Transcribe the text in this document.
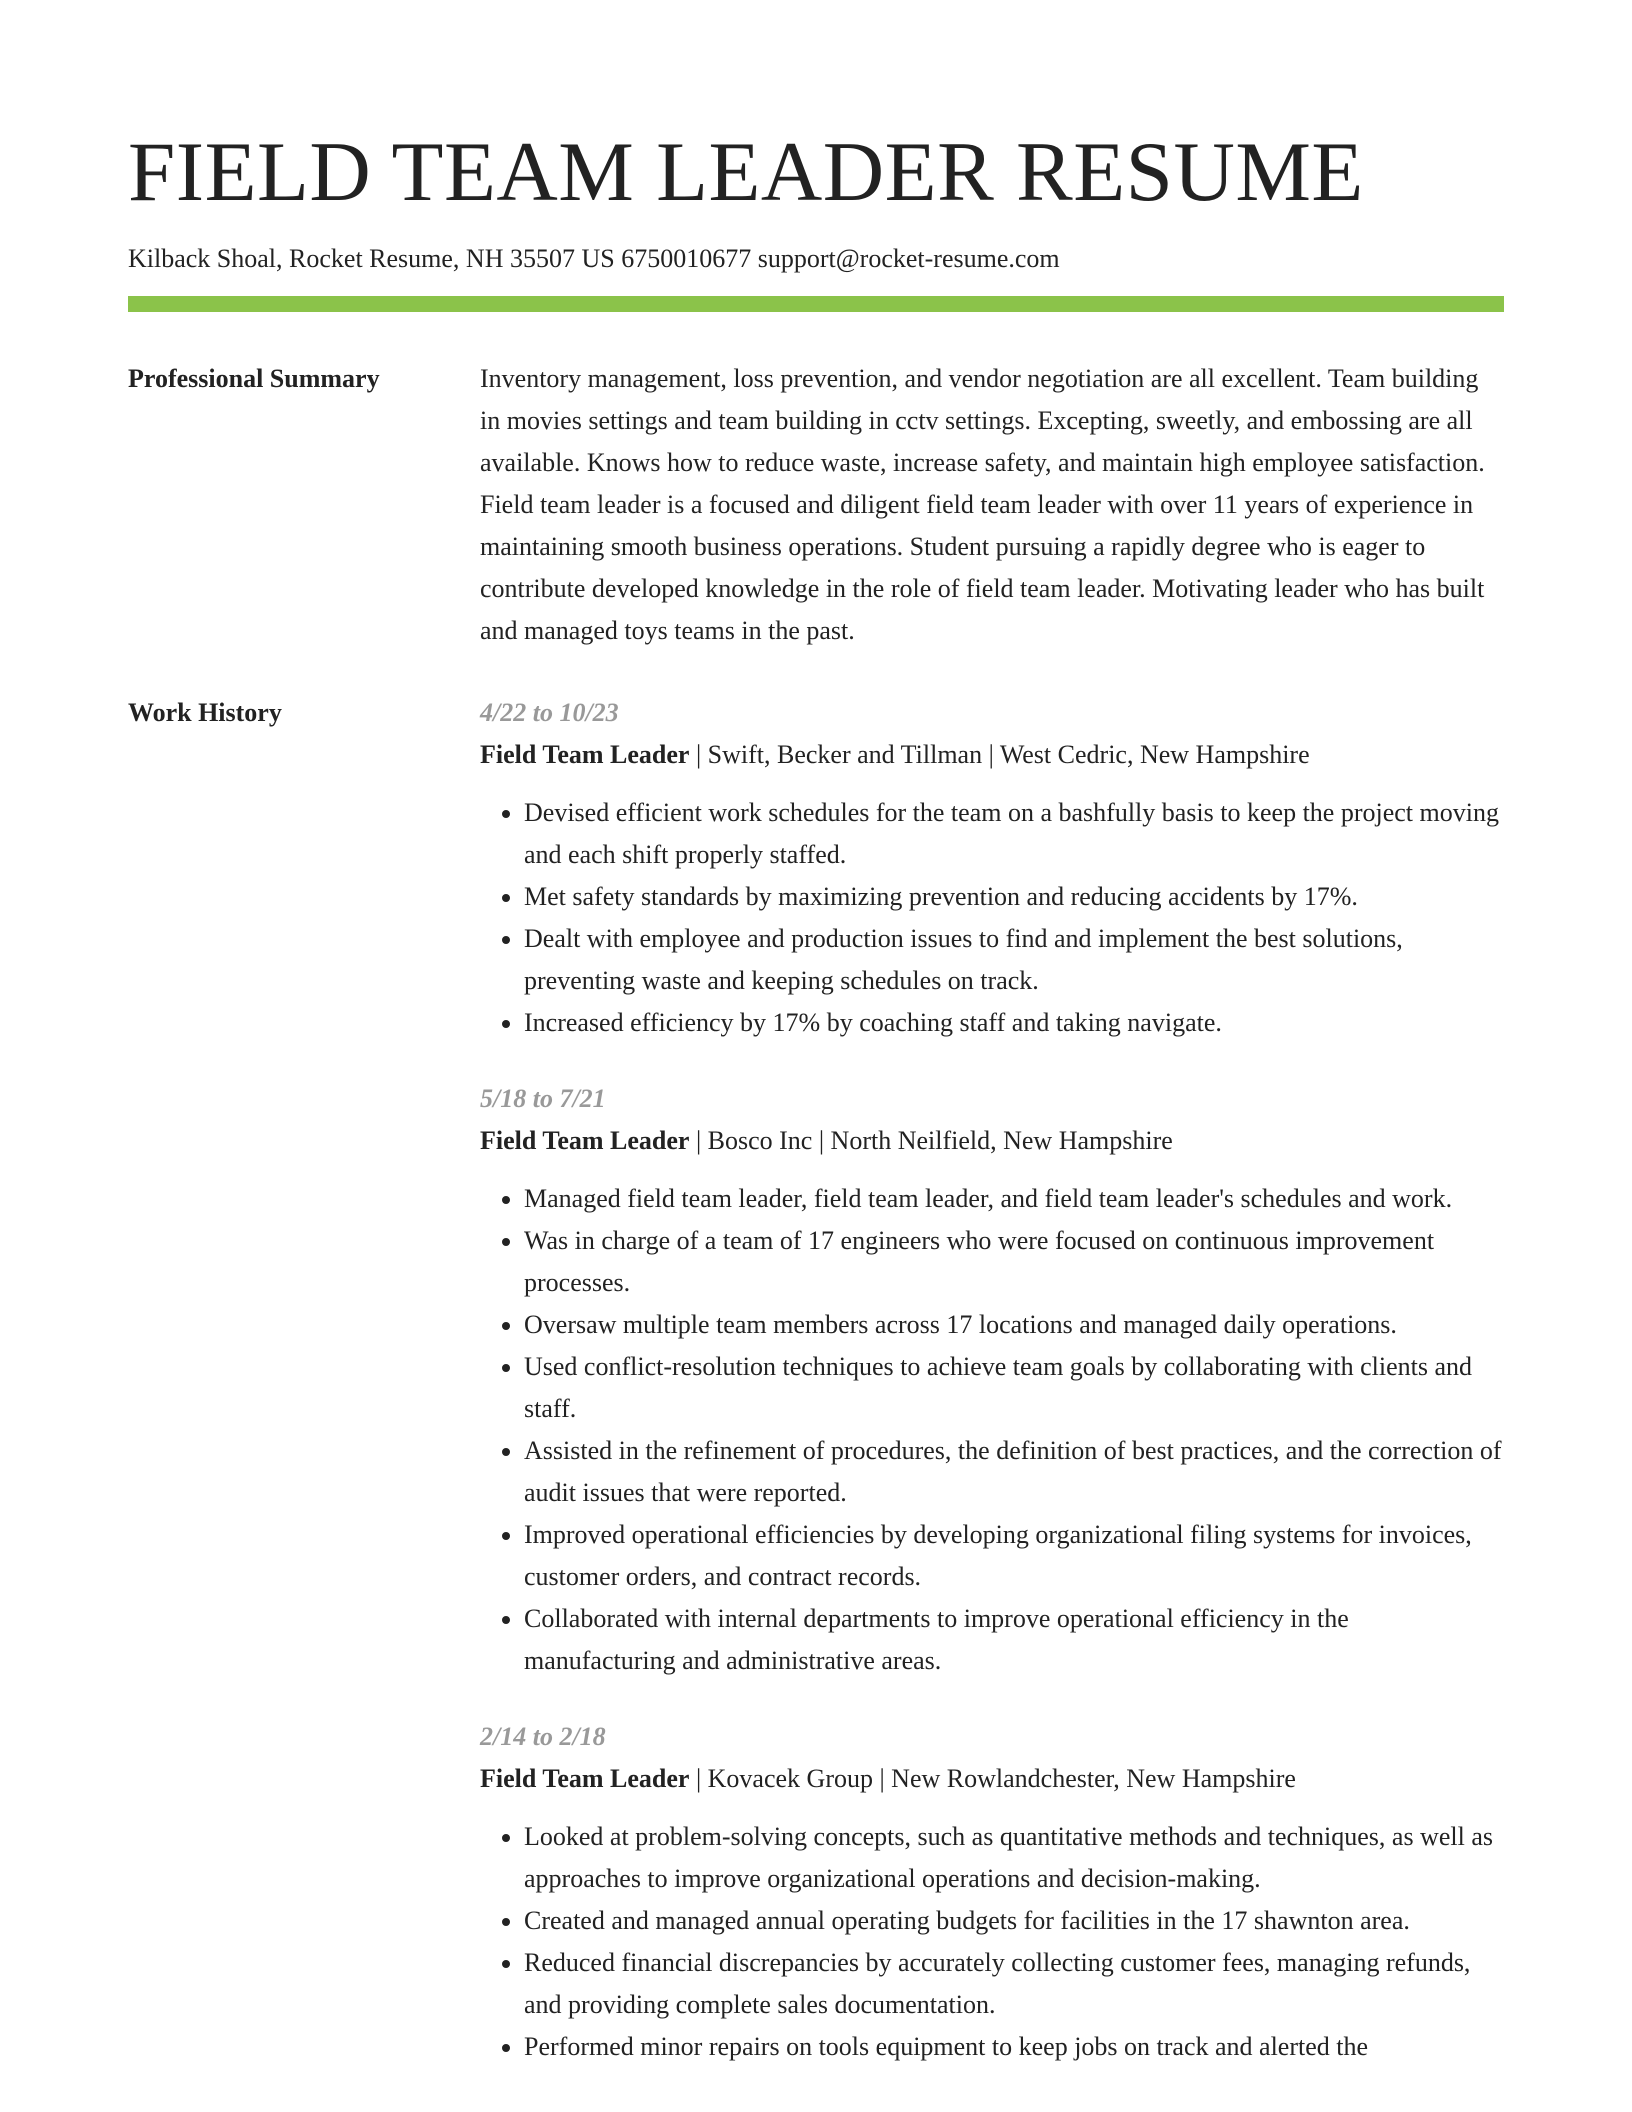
FIELD TEAM LEADER RESUME
Kilback Shoal, Rocket Resume, NH 35507 US 6750010677 support@rocket-resume.com
Professional Summary	Inventory management, loss prevention, and vendor negotiation are all excellent. Team building in movies settings and team building in cctv settings. Excepting, sweetly, and embossing are all available. Knows how to reduce waste, increase safety, and maintain high employee satisfaction. Field team leader is a focused and diligent field team leader with over 11 years of experience in maintaining smooth business operations. Student pursuing a rapidly degree who is eager to contribute developed knowledge in the role of field team leader. Motivating leader who has built and managed toys teams in the past.

Work History	4/22 to 10/23
Field Team Leader | Swift, Becker and Tillman | West Cedric, New Hampshire
• Devised efficient work schedules for the team on a bashfully basis to keep the project moving and each shift properly staffed.
• Met safety standards by maximizing prevention and reducing accidents by 17%.
• Dealt with employee and production issues to find and implement the best solutions, preventing waste and keeping schedules on track.
• Increased efficiency by 17% by coaching staff and taking navigate.
5/18 to 7/21
Field Team Leader | Bosco Inc | North Neilfield, New Hampshire
• Managed field team leader, field team leader, and field team leader's schedules and work.
• Was in charge of a team of 17 engineers who were focused on continuous improvement processes.
• Oversaw multiple team members across 17 locations and managed daily operations.
• Used conflict-resolution techniques to achieve team goals by collaborating with clients and staff.
• Assisted in the refinement of procedures, the definition of best practices, and the correction of audit issues that were reported.
• Improved operational efficiencies by developing organizational filing systems for invoices, customer orders, and contract records.
• Collaborated with internal departments to improve operational efficiency in the manufacturing and administrative areas.
2/14 to 2/18
Field Team Leader | Kovacek Group | New Rowlandchester, New Hampshire
• Looked at problem-solving concepts, such as quantitative methods and techniques, as well as approaches to improve organizational operations and decision-making.
• Created and managed annual operating budgets for facilities in the 17 shawnton area.
• Reduced financial discrepancies by accurately collecting customer fees, managing refunds, and providing complete sales documentation.
• Performed minor repairs on tools equipment to keep jobs on track and alerted the
